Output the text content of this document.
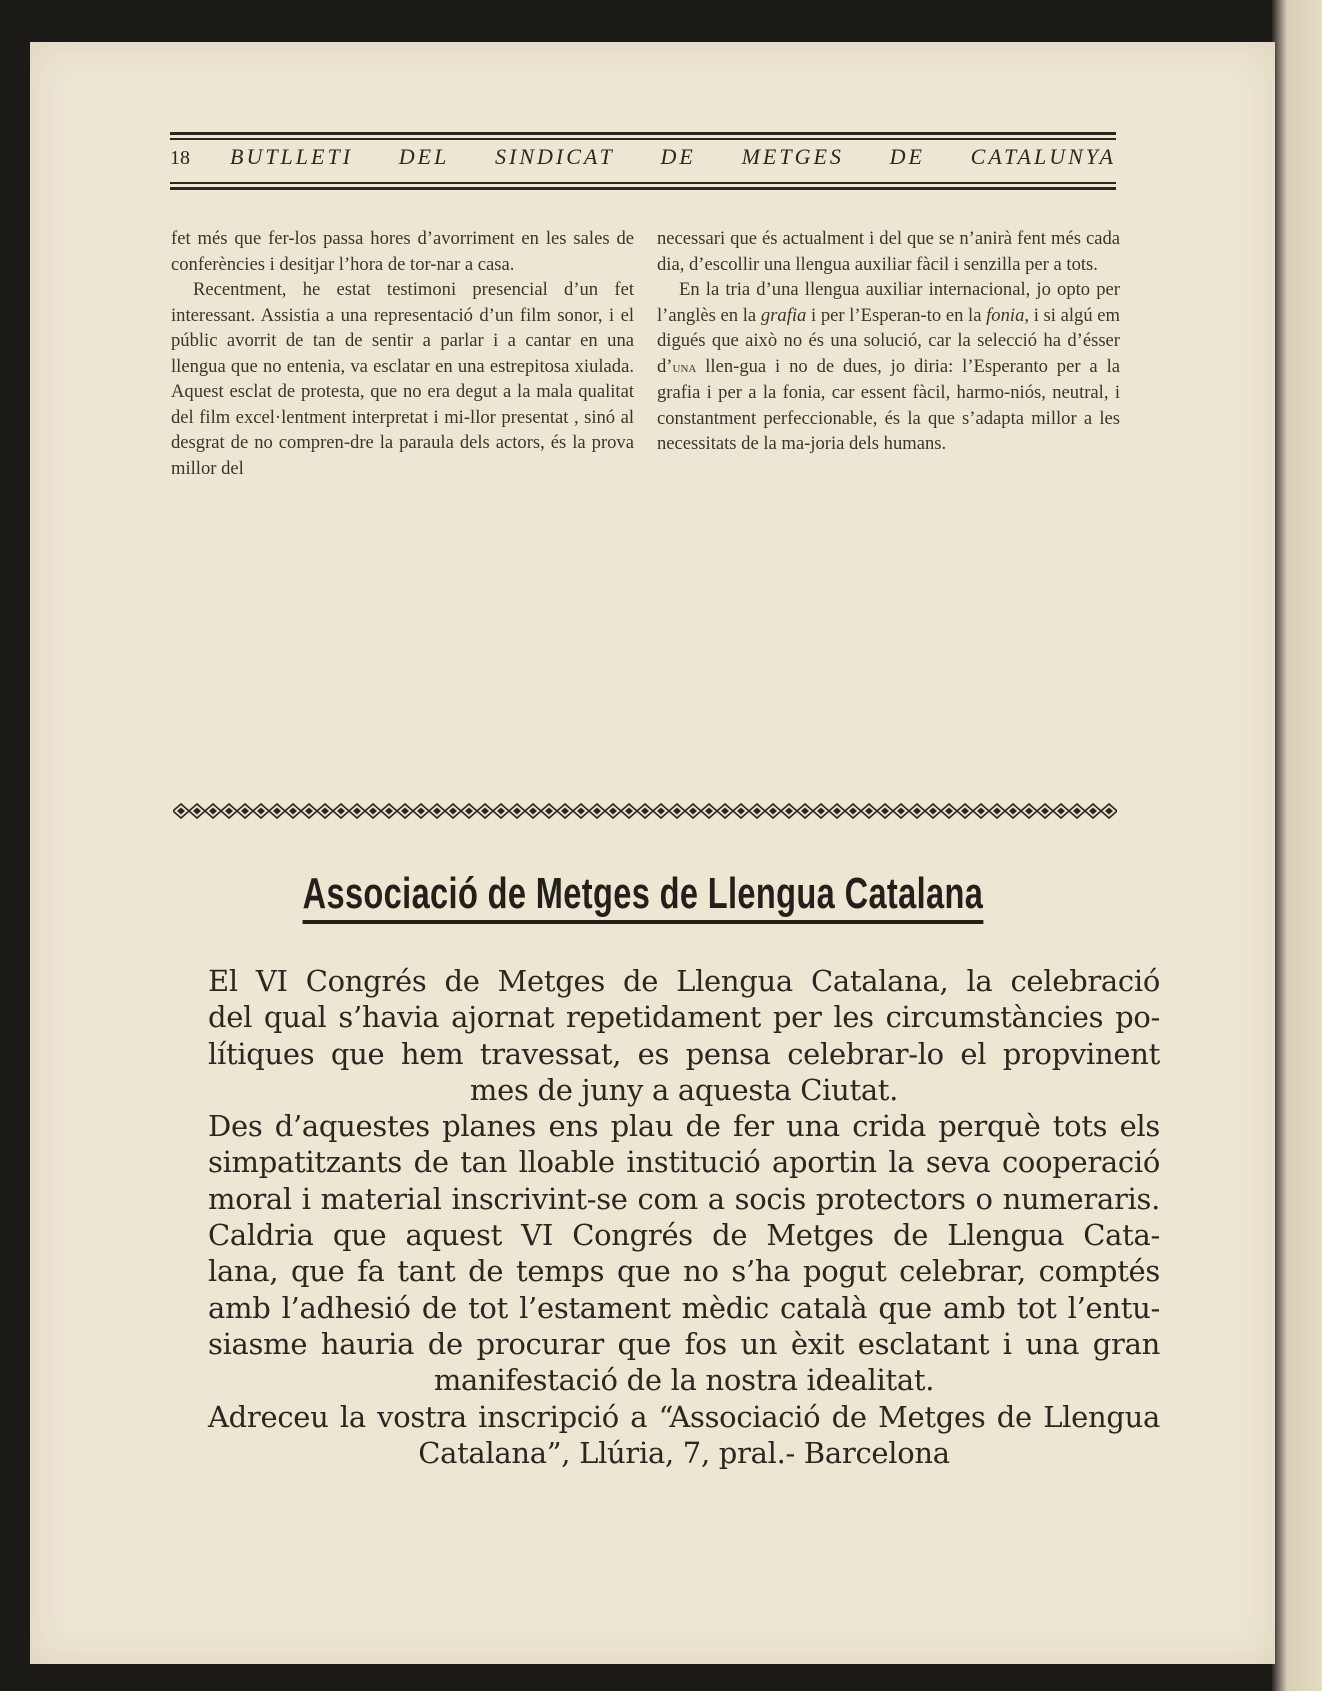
18 BUTLLETI DEL SINDICAT DE METGES DE CATALUNYA

fet més que fer-los passa hores d’avorriment en les sales de conferències i desitjar l’hora de tor-nar a casa.

Recentment, he estat testimoni presencial d’un fet interessant. Assistia a una representació d’un film sonor, i el públic avorrit de tan de sentir a parlar i a cantar en una llengua que no entenia, va esclatar en una estrepitosa xiulada. Aquest esclat de protesta, que no era degut a la mala qualitat del film excel·lentment interpretat i mi-llor presentat , sinó al desgrat de no compren-dre la paraula dels actors, és la prova millor del

necessari que és actualment i del que se n’anirà fent més cada dia, d’escollir una llengua auxiliar fàcil i senzilla per a tots.

En la tria d’una llengua auxiliar internacional, jo opto per l’anglès en la grafia i per l’Esperan-to en la fonia, i si algú em digués que això no és una solució, car la selecció ha d’ésser d’una llen-gua i no de dues, jo diria: l’Esperanto per a la grafia i per a la fonia, car essent fàcil, harmo-niós, neutral, i constantment perfeccionable, és la que s’adapta millor a les necessitats de la ma-joria dels humans.

Associació de Metges de Llengua Catalana
El VI Congrés de Metges de Llengua Catalana, la celebració
del qual s’havia ajornat repetidament per les circumstàncies po-
lítiques que hem travessat, es pensa celebrar-lo el propvinent
mes de juny a aquesta Ciutat.
Des d’aquestes planes ens plau de fer una crida perquè tots els
simpatitzants de tan lloable institució aportin la seva cooperació
moral i material inscrivint-se com a socis protectors o numeraris.
Caldria que aquest VI Congrés de Metges de Llengua Cata-
lana, que fa tant de temps que no s’ha pogut celebrar, comptés
amb l’adhesió de tot l’estament mèdic català que amb tot l’entu-
siasme hauria de procurar que fos un èxit esclatant i una gran
manifestació de la nostra idealitat.
Adreceu la vostra inscripció a “Associació de Metges de Llengua
Catalana”, Llúria, 7, pral.- Barcelona
